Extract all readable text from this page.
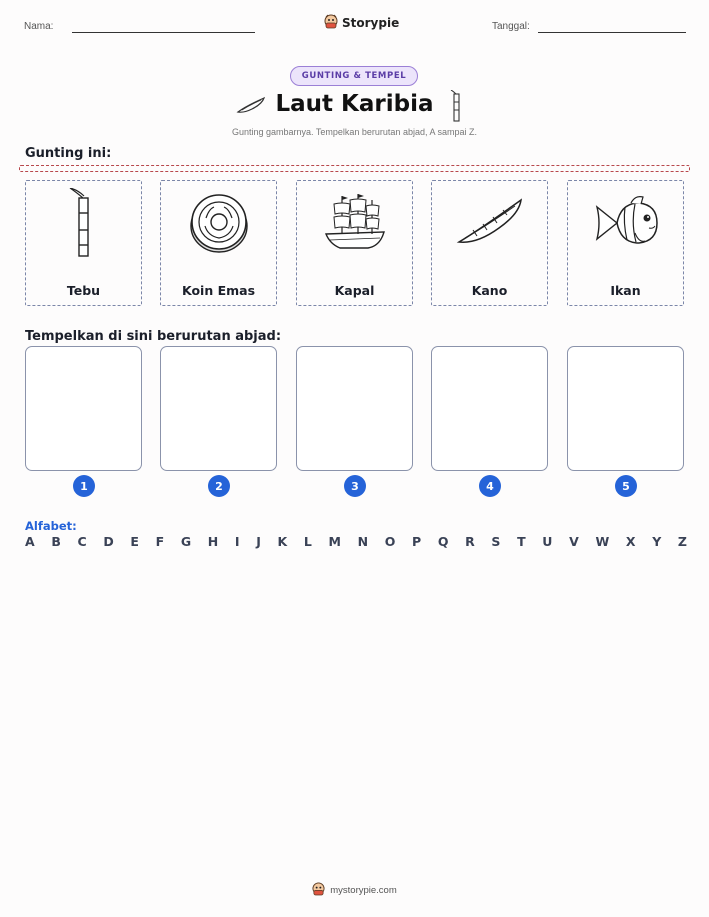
Nama:	Storypie	Tanggal:
GUNTING & TEMPEL
Laut Karibia
Gunting gambarnya. Tempelkan berurutan abjad, A sampai Z.
Gunting ini:
Tebu	Koin Emas	Kapal	Kano	Ikan
Tempelkan di sini berurutan abjad:
1	2	3	4	5
Alfabet:
A B C D E F G H I J K L M N O P Q R S T U V W X Y Z
mystorypie.com
